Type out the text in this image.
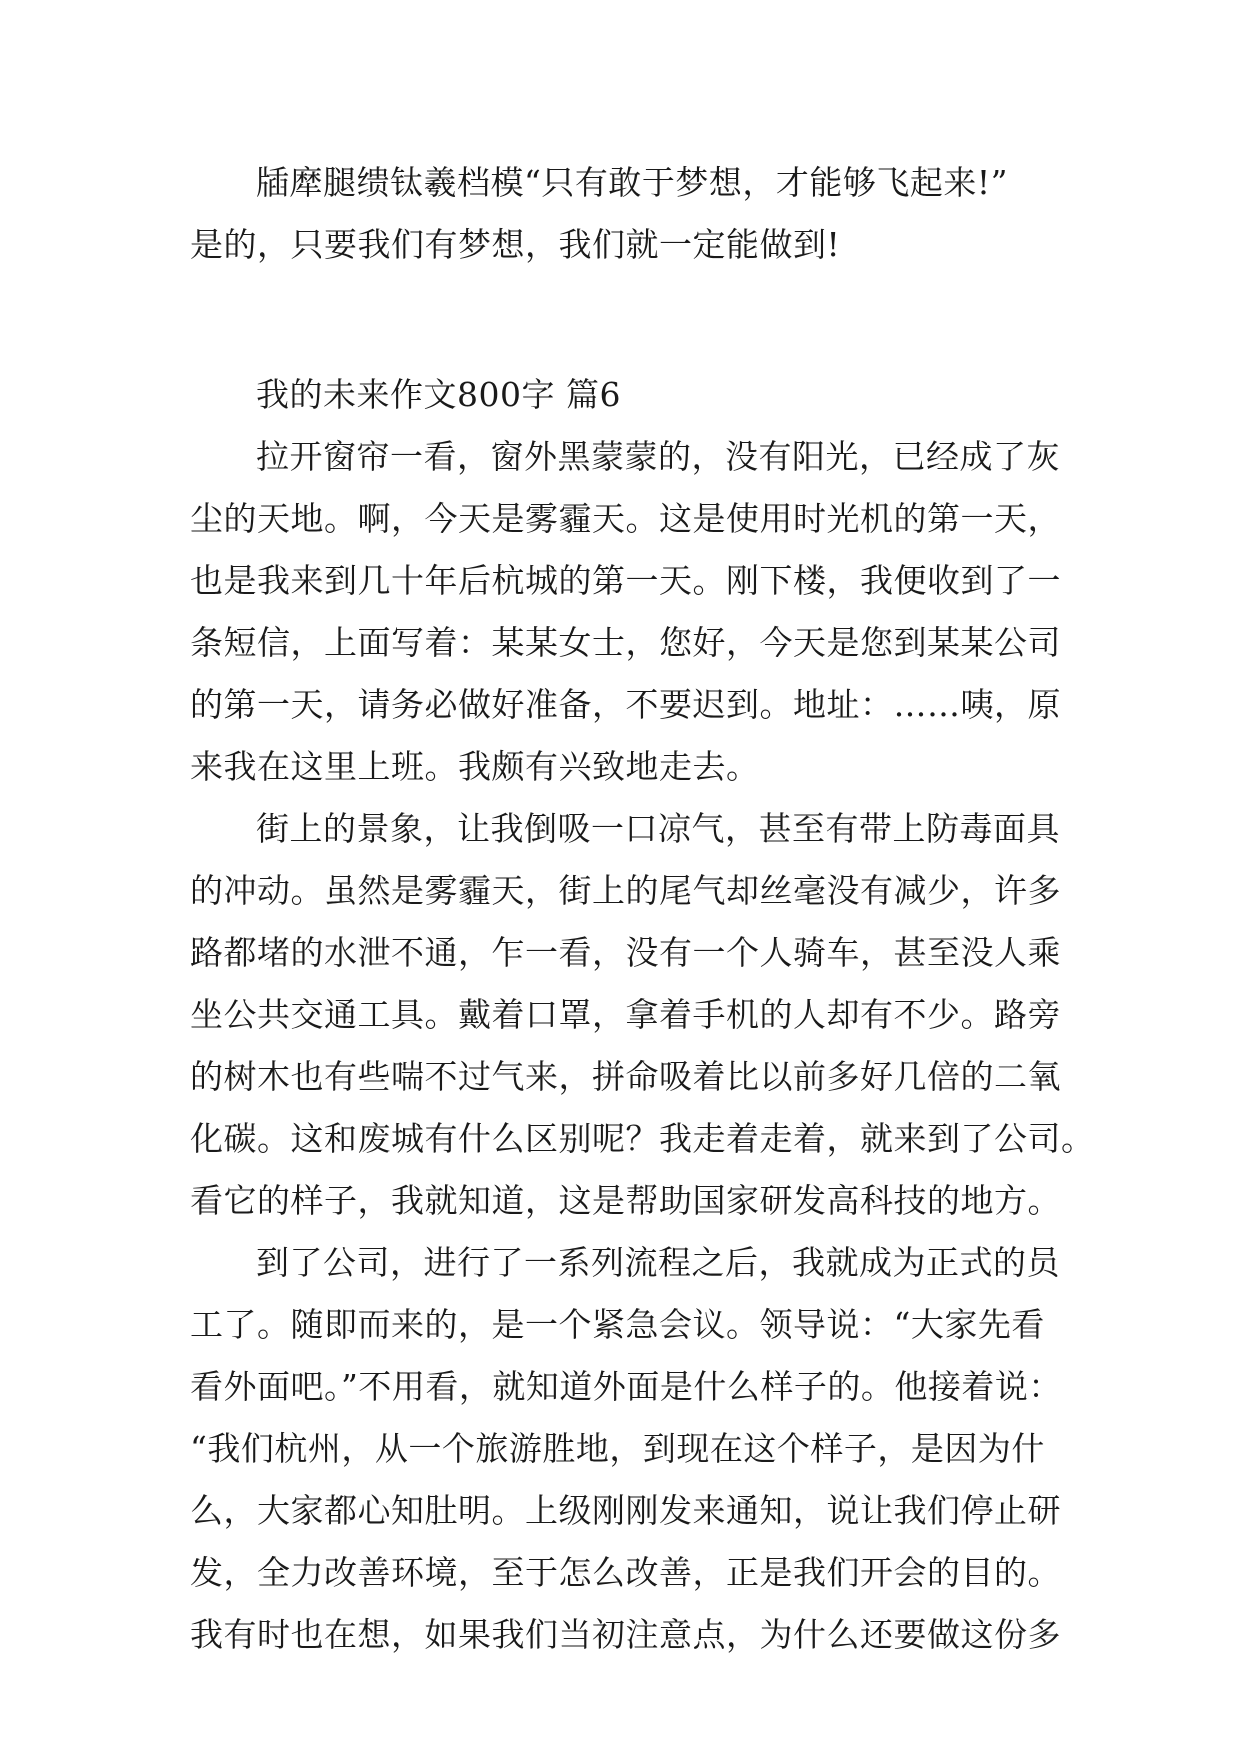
牐犘腿缋钛羲档模“只有敢于梦想，才能够飞起来!”
是的，只要我们有梦想，我们就一定能做到!
我的未来作文800字 篇6
拉开窗帘一看，窗外黑蒙蒙的，没有阳光，已经成了灰
尘的天地。啊，今天是雾霾天。这是使用时光机的第一天，
也是我来到几十年后杭城的第一天。刚下楼，我便收到了一
条短信，上面写着：某某女士，您好，今天是您到某某公司
的第一天，请务必做好准备，不要迟到。地址：……咦，原
来我在这里上班。我颇有兴致地走去。
街上的景象，让我倒吸一口凉气，甚至有带上防毒面具
的冲动。虽然是雾霾天，街上的尾气却丝毫没有减少，许多
路都堵的水泄不通，乍一看，没有一个人骑车，甚至没人乘
坐公共交通工具。戴着口罩，拿着手机的人却有不少。路旁
的树木也有些喘不过气来，拼命吸着比以前多好几倍的二氧
化碳。这和废城有什么区别呢？我走着走着，就来到了公司。
看它的样子，我就知道，这是帮助国家研发高科技的地方。
到了公司，进行了一系列流程之后，我就成为正式的员
工了。随即而来的，是一个紧急会议。领导说：“大家先看
看外面吧。”不用看，就知道外面是什么样子的。他接着说：
“我们杭州，从一个旅游胜地，到现在这个样子，是因为什
么，大家都心知肚明。上级刚刚发来通知，说让我们停止研
发，全力改善环境，至于怎么改善，正是我们开会的目的。
我有时也在想，如果我们当初注意点，为什么还要做这份多
